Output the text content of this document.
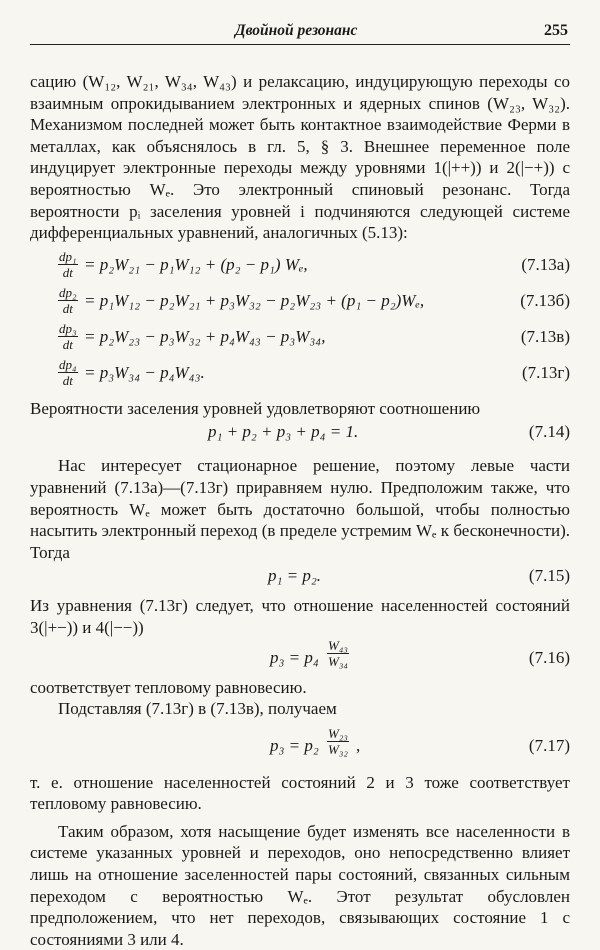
Двойной резонанс	255

сацию (W₁₂, W₂₁, W₃₄, W₄₃) и релаксацию, индуцирующую переходы со взаимным опрокидыванием электронных и ядерных спинов (W₂₃, W₃₂). Механизмом последней может быть контактное взаимодействие Ферми в металлах, как объяснялось в гл. 5, § 3. Внешнее переменное поле индуцирует электронные переходы между уровнями 1(|++)) и 2(|−+)) с вероятностью Wₑ. Это электронный спиновый резонанс. Тогда вероятности pᵢ заселения уровней i подчиняются следующей системе дифференциальных уравнений, аналогичных (5.13):

$\frac{\text{dp₁}}{dt} = p_2W_{21} - p_1W_{12} + (p_2 - p_1)$ Wₑ,	(7.13а)
$\frac{\text{dp₂}}{dt} = p_1W_{12} - p_2W_{21} + p_3W_{32} - p_2W_{23} + (p_1 - p_2)W_e$,	(7.13б)
$\frac{\text{dp₃}}{dt} = p_2W_{23} - p_3W_{32} + p_4W_{43} - p_3W_{34}$,	(7.13в)
$\frac{\text{dp₄}}{dt} = p_3W_{34} - p_4W_{43}$.	(7.13г)

Вероятности заселения уровней удовлетворяют соотношению

p₁ + p₂ + p₃ + p₄ = 1.	(7.14)

Нас интересует стационарное решение, поэтому левые части уравнений (7.13а)—(7.13г) приравняем нулю. Предположим также, что вероятность Wₑ может быть достаточно большой, чтобы полностью насытить электронный переход (в пределе устремим Wₑ к бесконечности). Тогда

p₁ = p₂.	(7.15)

Из уравнения (7.13г) следует, что отношение населенностей состояний 3(|+−)) и 4(|−−))

$p_3 = p_4 \frac{\text{W₄₃}}{\text{W₃₄}}$	(7.16)

соответствует тепловому равновесию.

Подставляя (7.13г) в (7.13в), получаем

$p_3 = p_2 \frac{\text{W₂₃}}{\text{W₃₂}}$ ,	(7.17)

т. е. отношение населенностей состояний 2 и 3 тоже соответствует тепловому равновесию.

Таким образом, хотя насыщение будет изменять все населенности в системе указанных уровней и переходов, оно непосредственно влияет лишь на отношение заселенностей пары состояний, связанных сильным переходом с вероятностью Wₑ. Этот результат обусловлен предположением, что нет переходов, связывающих состояние 1 с состояниями 3 или 4.
